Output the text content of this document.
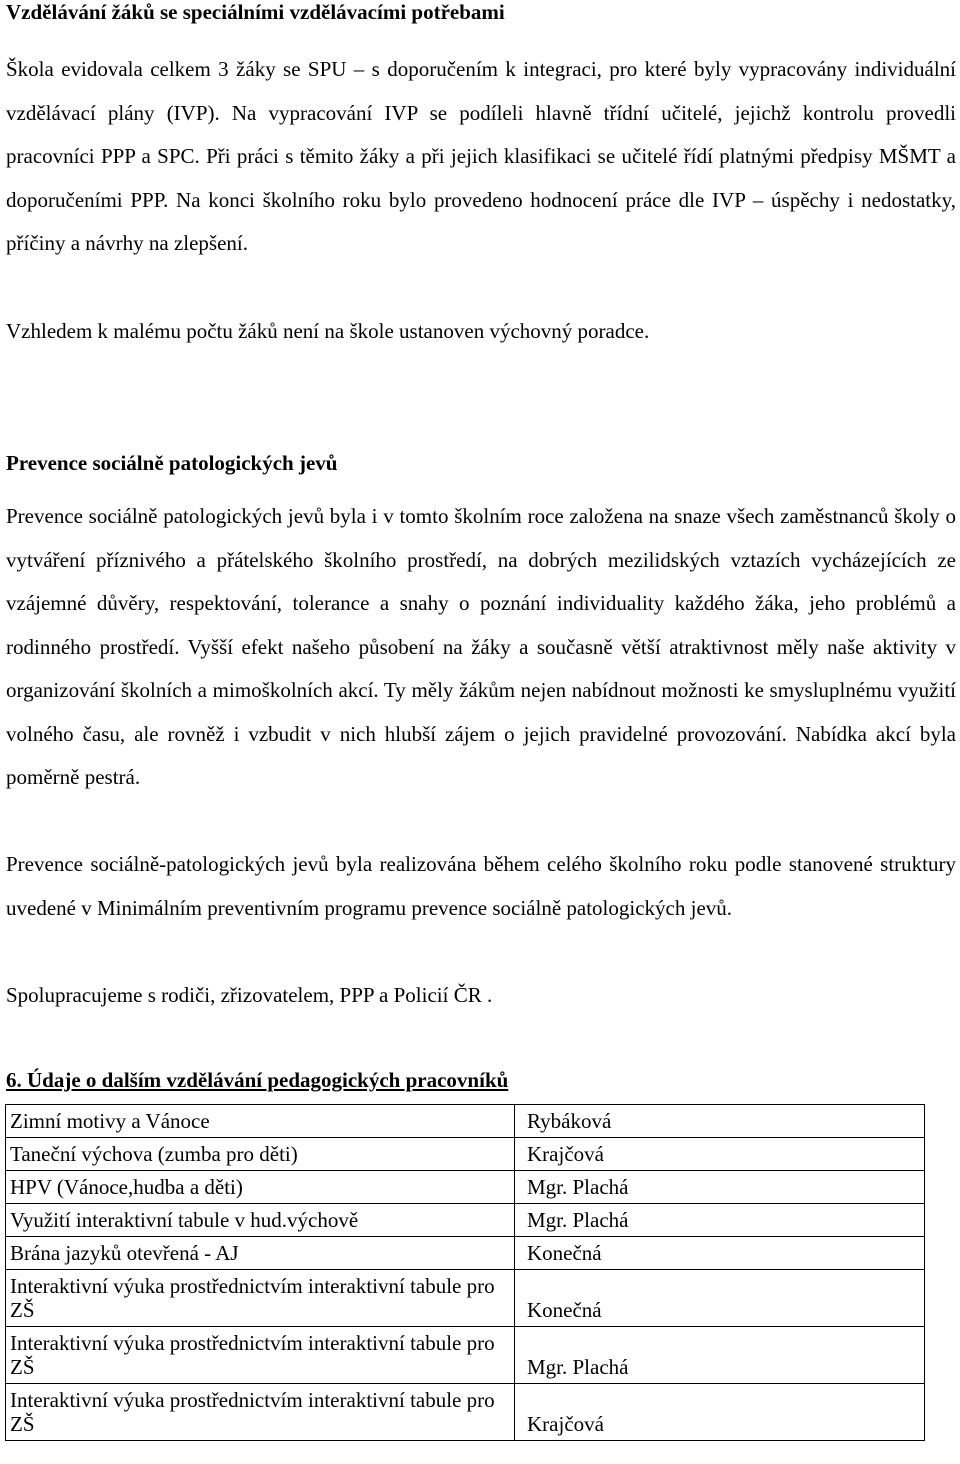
Vzdělávání žáků se speciálními vzdělávacími potřebami
Škola evidovala celkem 3 žáky se SPU – s doporučením k integraci, pro které byly vypracovány individuální vzdělávací plány (IVP). Na vypracování IVP se podíleli hlavně třídní učitelé, jejichž kontrolu provedli pracovníci PPP a SPC. Při práci s těmito žáky a při jejich klasifikaci se učitelé řídí platnými předpisy MŠMT a doporučeními PPP. Na konci školního roku bylo provedeno hodnocení práce dle IVP – úspěchy i nedostatky, příčiny a návrhy na zlepšení.
Vzhledem k malému počtu žáků není na škole ustanoven výchovný poradce.
Prevence sociálně patologických jevů
Prevence sociálně patologických jevů byla i v tomto školním roce založena na snaze všech zaměstnanců školy o vytváření příznivého a přátelského školního prostředí, na dobrých mezilidských vztazích vycházejících ze vzájemné důvěry, respektování, tolerance a snahy o poznání individuality každého žáka, jeho problémů a rodinného prostředí. Vyšší efekt našeho působení na žáky a současně větší atraktivnost měly naše aktivity v organizování školních a mimoškolních akcí. Ty měly žákům nejen nabídnout možnosti ke smysluplnému využití volného času, ale rovněž i vzbudit v nich hlubší zájem o jejich pravidelné provozování. Nabídka akcí byla poměrně pestrá.
Prevence sociálně-patologických jevů byla realizována během celého školního roku podle stanovené struktury uvedené v Minimálním preventivním programu prevence sociálně patologických jevů.
Spolupracujeme s rodiči, zřizovatelem, PPP a Policií ČR .
6. Údaje o dalším vzdělávání pedagogických pracovníků
Zimní motivy a Vánoce	Rybáková
Taneční výchova (zumba pro děti)	Krajčová
HPV (Vánoce,hudba a děti)	Mgr. Plachá
Využití interaktivní tabule v hud.výchově	Mgr. Plachá
Brána jazyků otevřená - AJ	Konečná
Interaktivní výuka prostřednictvím interaktivní tabule pro ZŠ	Konečná
Interaktivní výuka prostřednictvím interaktivní tabule pro ZŠ	Mgr. Plachá
Interaktivní výuka prostřednictvím interaktivní tabule pro ZŠ	Krajčová
